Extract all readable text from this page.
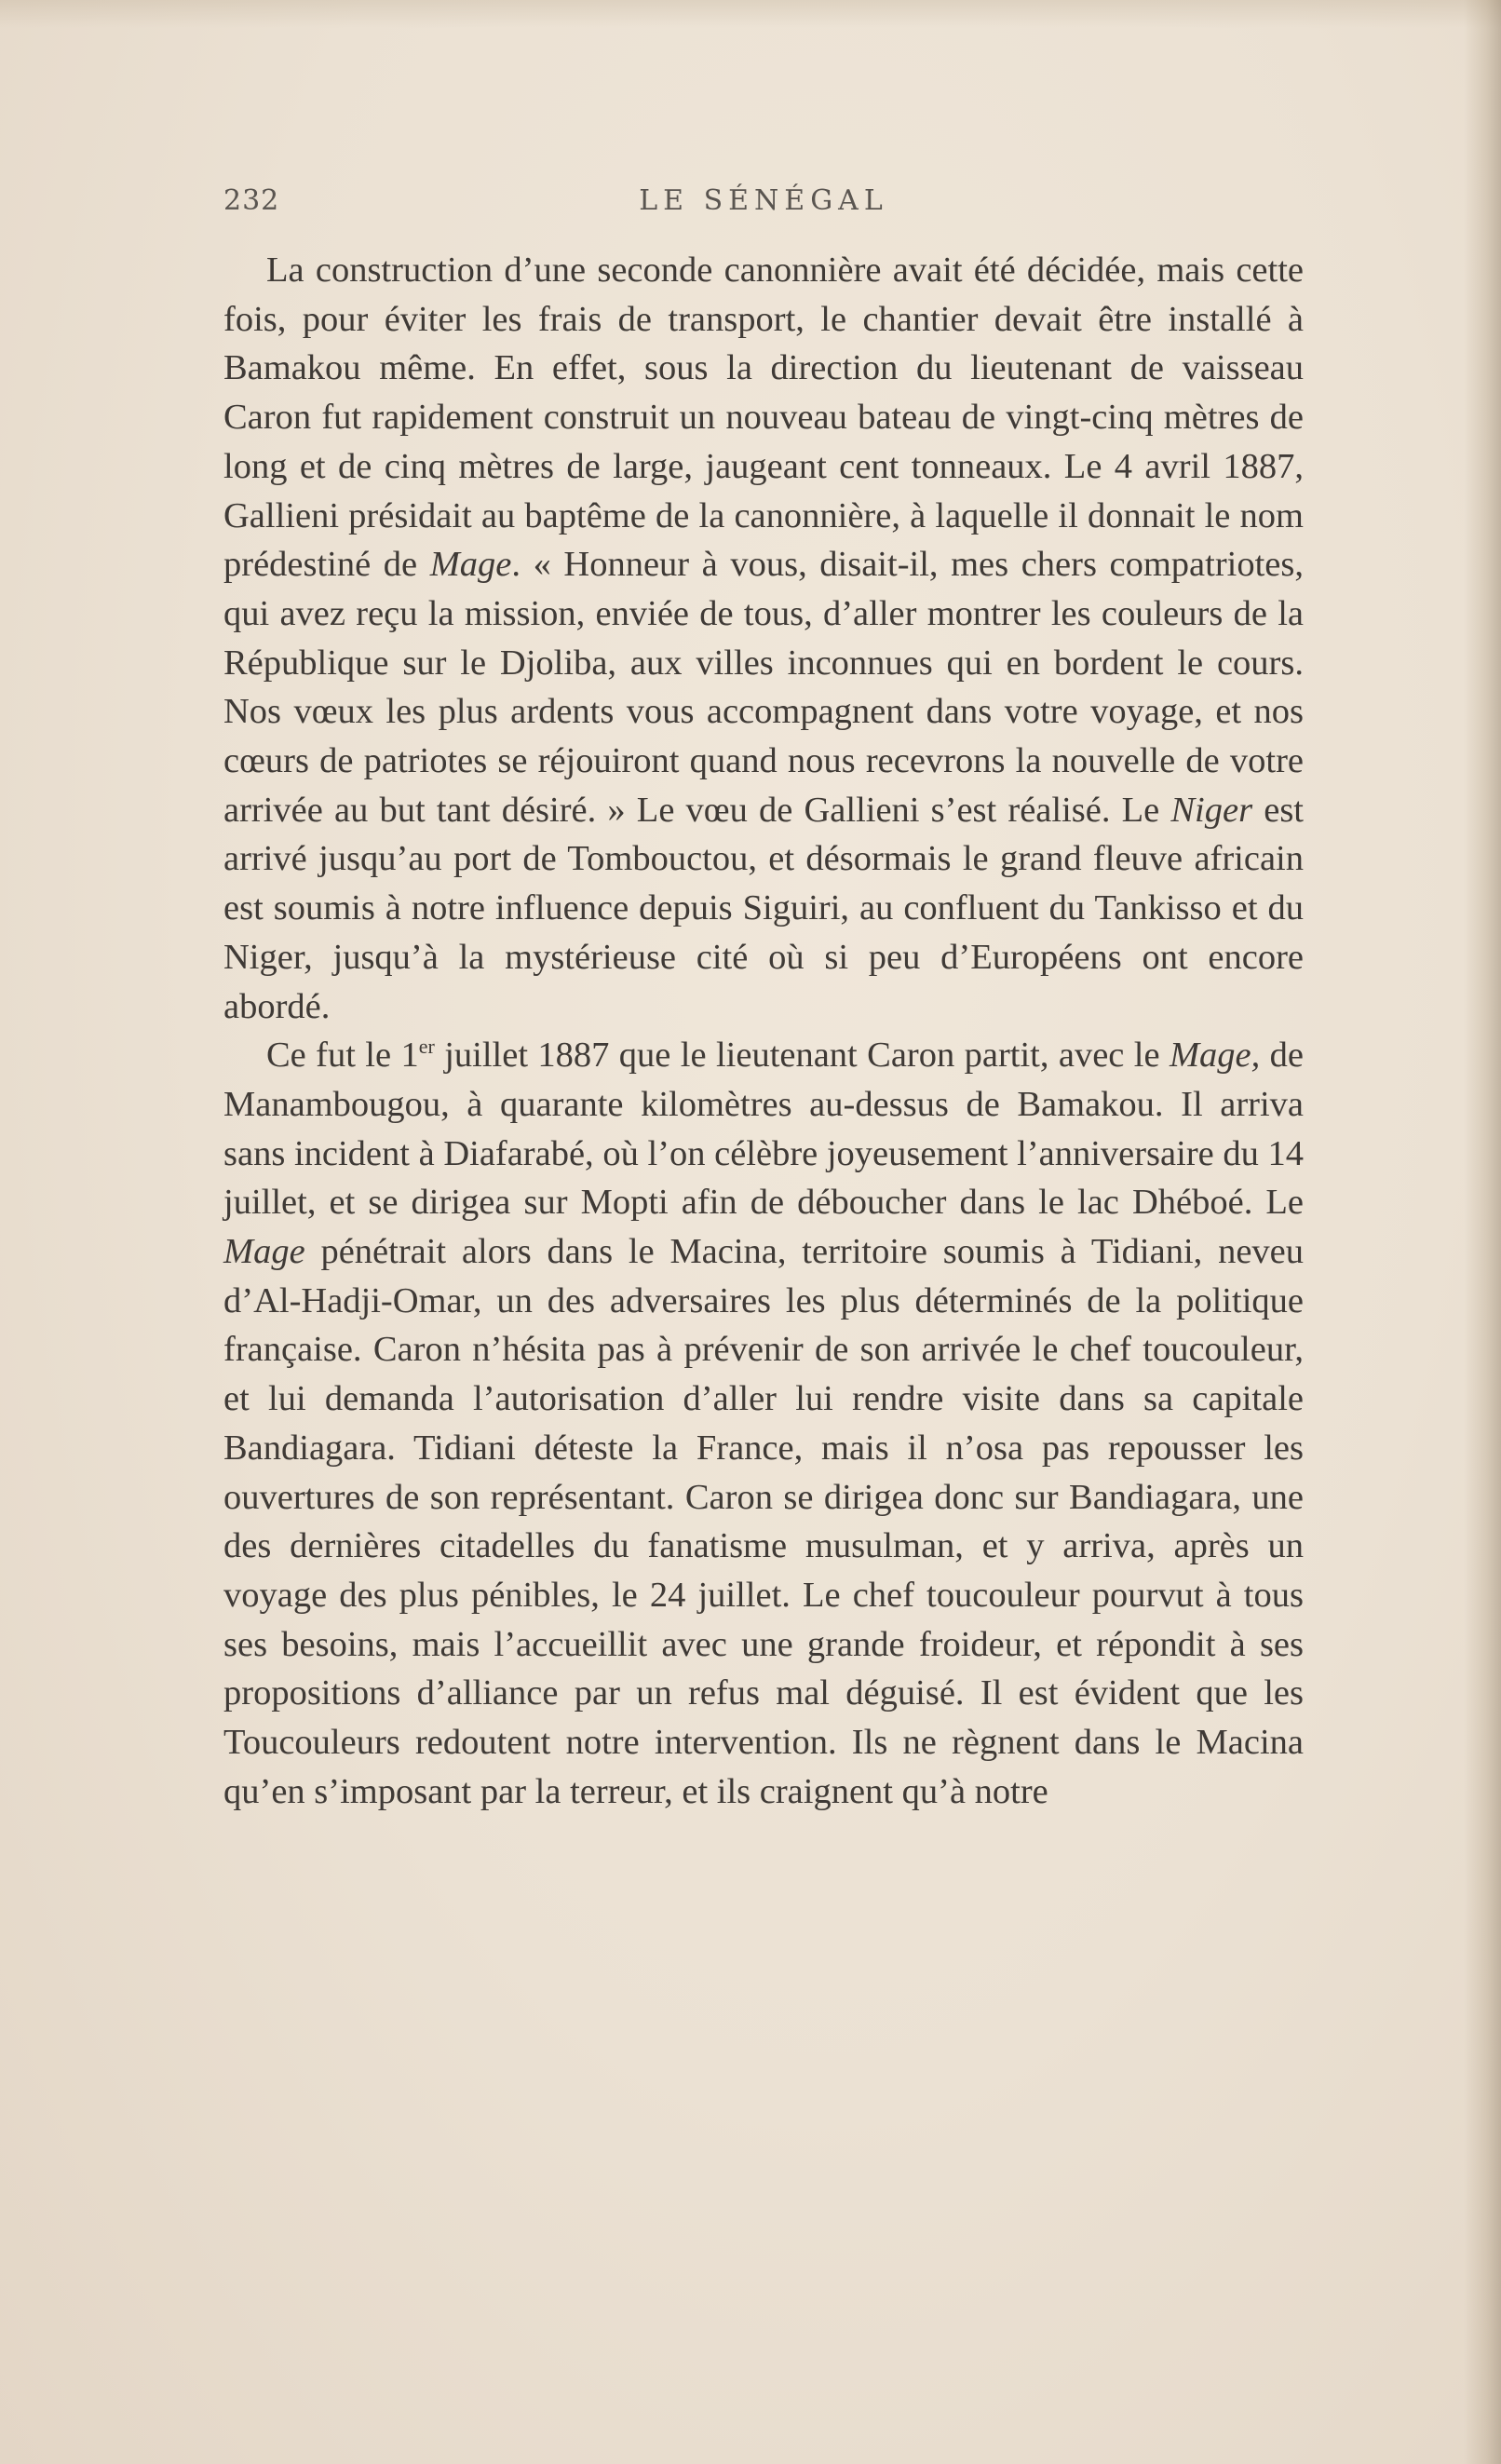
232	LE SÉNÉGAL

La construction d’une seconde canonnière avait été décidée, mais cette fois, pour éviter les frais de transport, le chantier devait être installé à Bamakou même. En effet, sous la direction du lieutenant de vaisseau Caron fut rapidement construit un nouveau bateau de vingt-cinq mètres de long et de cinq mètres de large, jaugeant cent tonneaux. Le 4 avril 1887, Gallieni présidait au baptême de la canonnière, à laquelle il donnait le nom prédestiné de Mage. « Honneur à vous, disait-il, mes chers compatriotes, qui avez reçu la mission, enviée de tous, d’aller montrer les couleurs de la République sur le Djoliba, aux villes inconnues qui en bordent le cours. Nos vœux les plus ardents vous accompagnent dans votre voyage, et nos cœurs de patriotes se réjouiront quand nous recevrons la nouvelle de votre arrivée au but tant désiré. » Le vœu de Gallieni s’est réalisé. Le Niger est arrivé jusqu’au port de Tombouctou, et désormais le grand fleuve africain est soumis à notre influence depuis Siguiri, au confluent du Tankisso et du Niger, jusqu’à la mystérieuse cité où si peu d’Européens ont encore abordé.

Ce fut le 1er juillet 1887 que le lieutenant Caron partit, avec le Mage, de Manambougou, à quarante kilomètres au-dessus de Bamakou. Il arriva sans incident à Diafarabé, où l’on célèbre joyeusement l’anniversaire du 14 juillet, et se dirigea sur Mopti afin de déboucher dans le lac Dhéboé. Le Mage pénétrait alors dans le Macina, territoire soumis à Tidiani, neveu d’Al-Hadji-Omar, un des adversaires les plus déterminés de la politique française. Caron n’hésita pas à prévenir de son arrivée le chef toucouleur, et lui demanda l’autorisation d’aller lui rendre visite dans sa capitale Bandiagara. Tidiani déteste la France, mais il n’osa pas repousser les ouvertures de son représentant. Caron se dirigea donc sur Bandiagara, une des dernières citadelles du fanatisme musulman, et y arriva, après un voyage des plus pénibles, le 24 juillet. Le chef toucouleur pourvut à tous ses besoins, mais l’accueillit avec une grande froideur, et répondit à ses propositions d’alliance par un refus mal déguisé. Il est évident que les Toucouleurs redoutent notre intervention. Ils ne règnent dans le Macina qu’en s’imposant par la terreur, et ils craignent qu’à notre
